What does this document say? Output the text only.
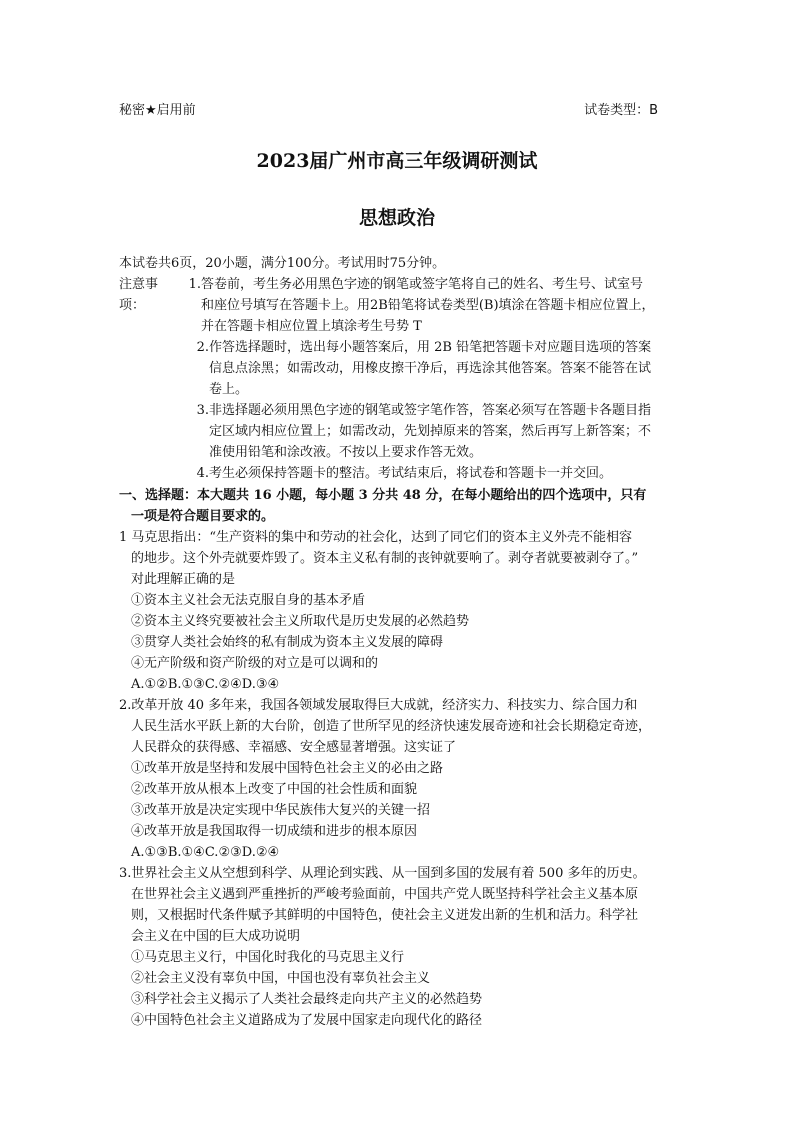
秘密★启用前	试卷类型：B
2023届广州市高三年级调研测试
思想政治
本试卷共6页，20小题，满分100分。考试用时75分钟。
注意事项：
1. 答卷前，考生务必用黑色字迹的钢笔或签字笔将自己的姓名、考生号、试室号
和座位号填写在答题卡上。用2B铅笔将试卷类型(B)填涂在答题卡相应位置上，
并在答题卡相应位置上填涂考生号势 T
2. 作答选择题时，选出每小题答案后，用 2B 铅笔把答题卡对应题目选项的答案
信息点涂黑；如需改动，用橡皮擦干净后，再选涂其他答案。答案不能答在试
卷上。
3. 非选择题必须用黑色字迹的钢笔或签字笔作答，答案必须写在答题卡各题目指
定区域内相应位置上；如需改动，先划掉原来的答案，然后再写上新答案；不
准使用铅笔和涂改液。不按以上要求作答无效。
4. 考生必须保持答题卡的整洁。考试结束后，将试卷和答题卡一并交回。
一、选择题：本大题共 16 小题，每小题 3 分共 48 分，在每小题给出的四个选项中，只有
一项是符合题目要求的。
1 马克思指出：“生产资料的集中和劳动的社会化，达到了同它们的资本主义外壳不能相容
的地步。这个外壳就要炸毁了。资本主义私有制的丧钟就要响了。剥夺者就要被剥夺了。”
对此理解正确的是
①资本主义社会无法克服自身的基本矛盾
②资本主义终究要被社会主义所取代是历史发展的必然趋势
③贯穿人类社会始终的私有制成为资本主义发展的障碍
④无产阶级和资产阶级的对立是可以调和的
A.①②B.①③C.②④D.③④
2.改革开放 40 多年来，我国各领域发展取得巨大成就，经济实力、科技实力、综合国力和
人民生活水平跃上新的大台阶，创造了世所罕见的经济快速发展奇迹和社会长期稳定奇迹，
人民群众的获得感、幸福感、安全感显著增强。这实证了
①改革开放是坚持和发展中国特色社会主义的必由之路
②改革开放从根本上改变了中国的社会性质和面貌
③改革开放是决定实现中华民族伟大复兴的关键一招
④改革开放是我国取得一切成绩和进步的根本原因
A.①③B.①④C.②③D.②④
3.世界社会主义从空想到科学、从理论到实践、从一国到多国的发展有着 500 多年的历史。
在世界社会主义遇到严重挫折的严峻考验面前，中国共产党人既坚持科学社会主义基本原
则，又根据时代条件赋予其鲜明的中国特色，使社会主义迸发出新的生机和活力。科学社
会主义在中国的巨大成功说明
①马克思主义行，中国化时我化的马克思主义行
②社会主义没有辜负中国，中国也没有辜负社会主义
③科学社会主义揭示了人类社会最终走向共产主义的必然趋势
④中国特色社会主义道路成为了发展中国家走向现代化的路径
